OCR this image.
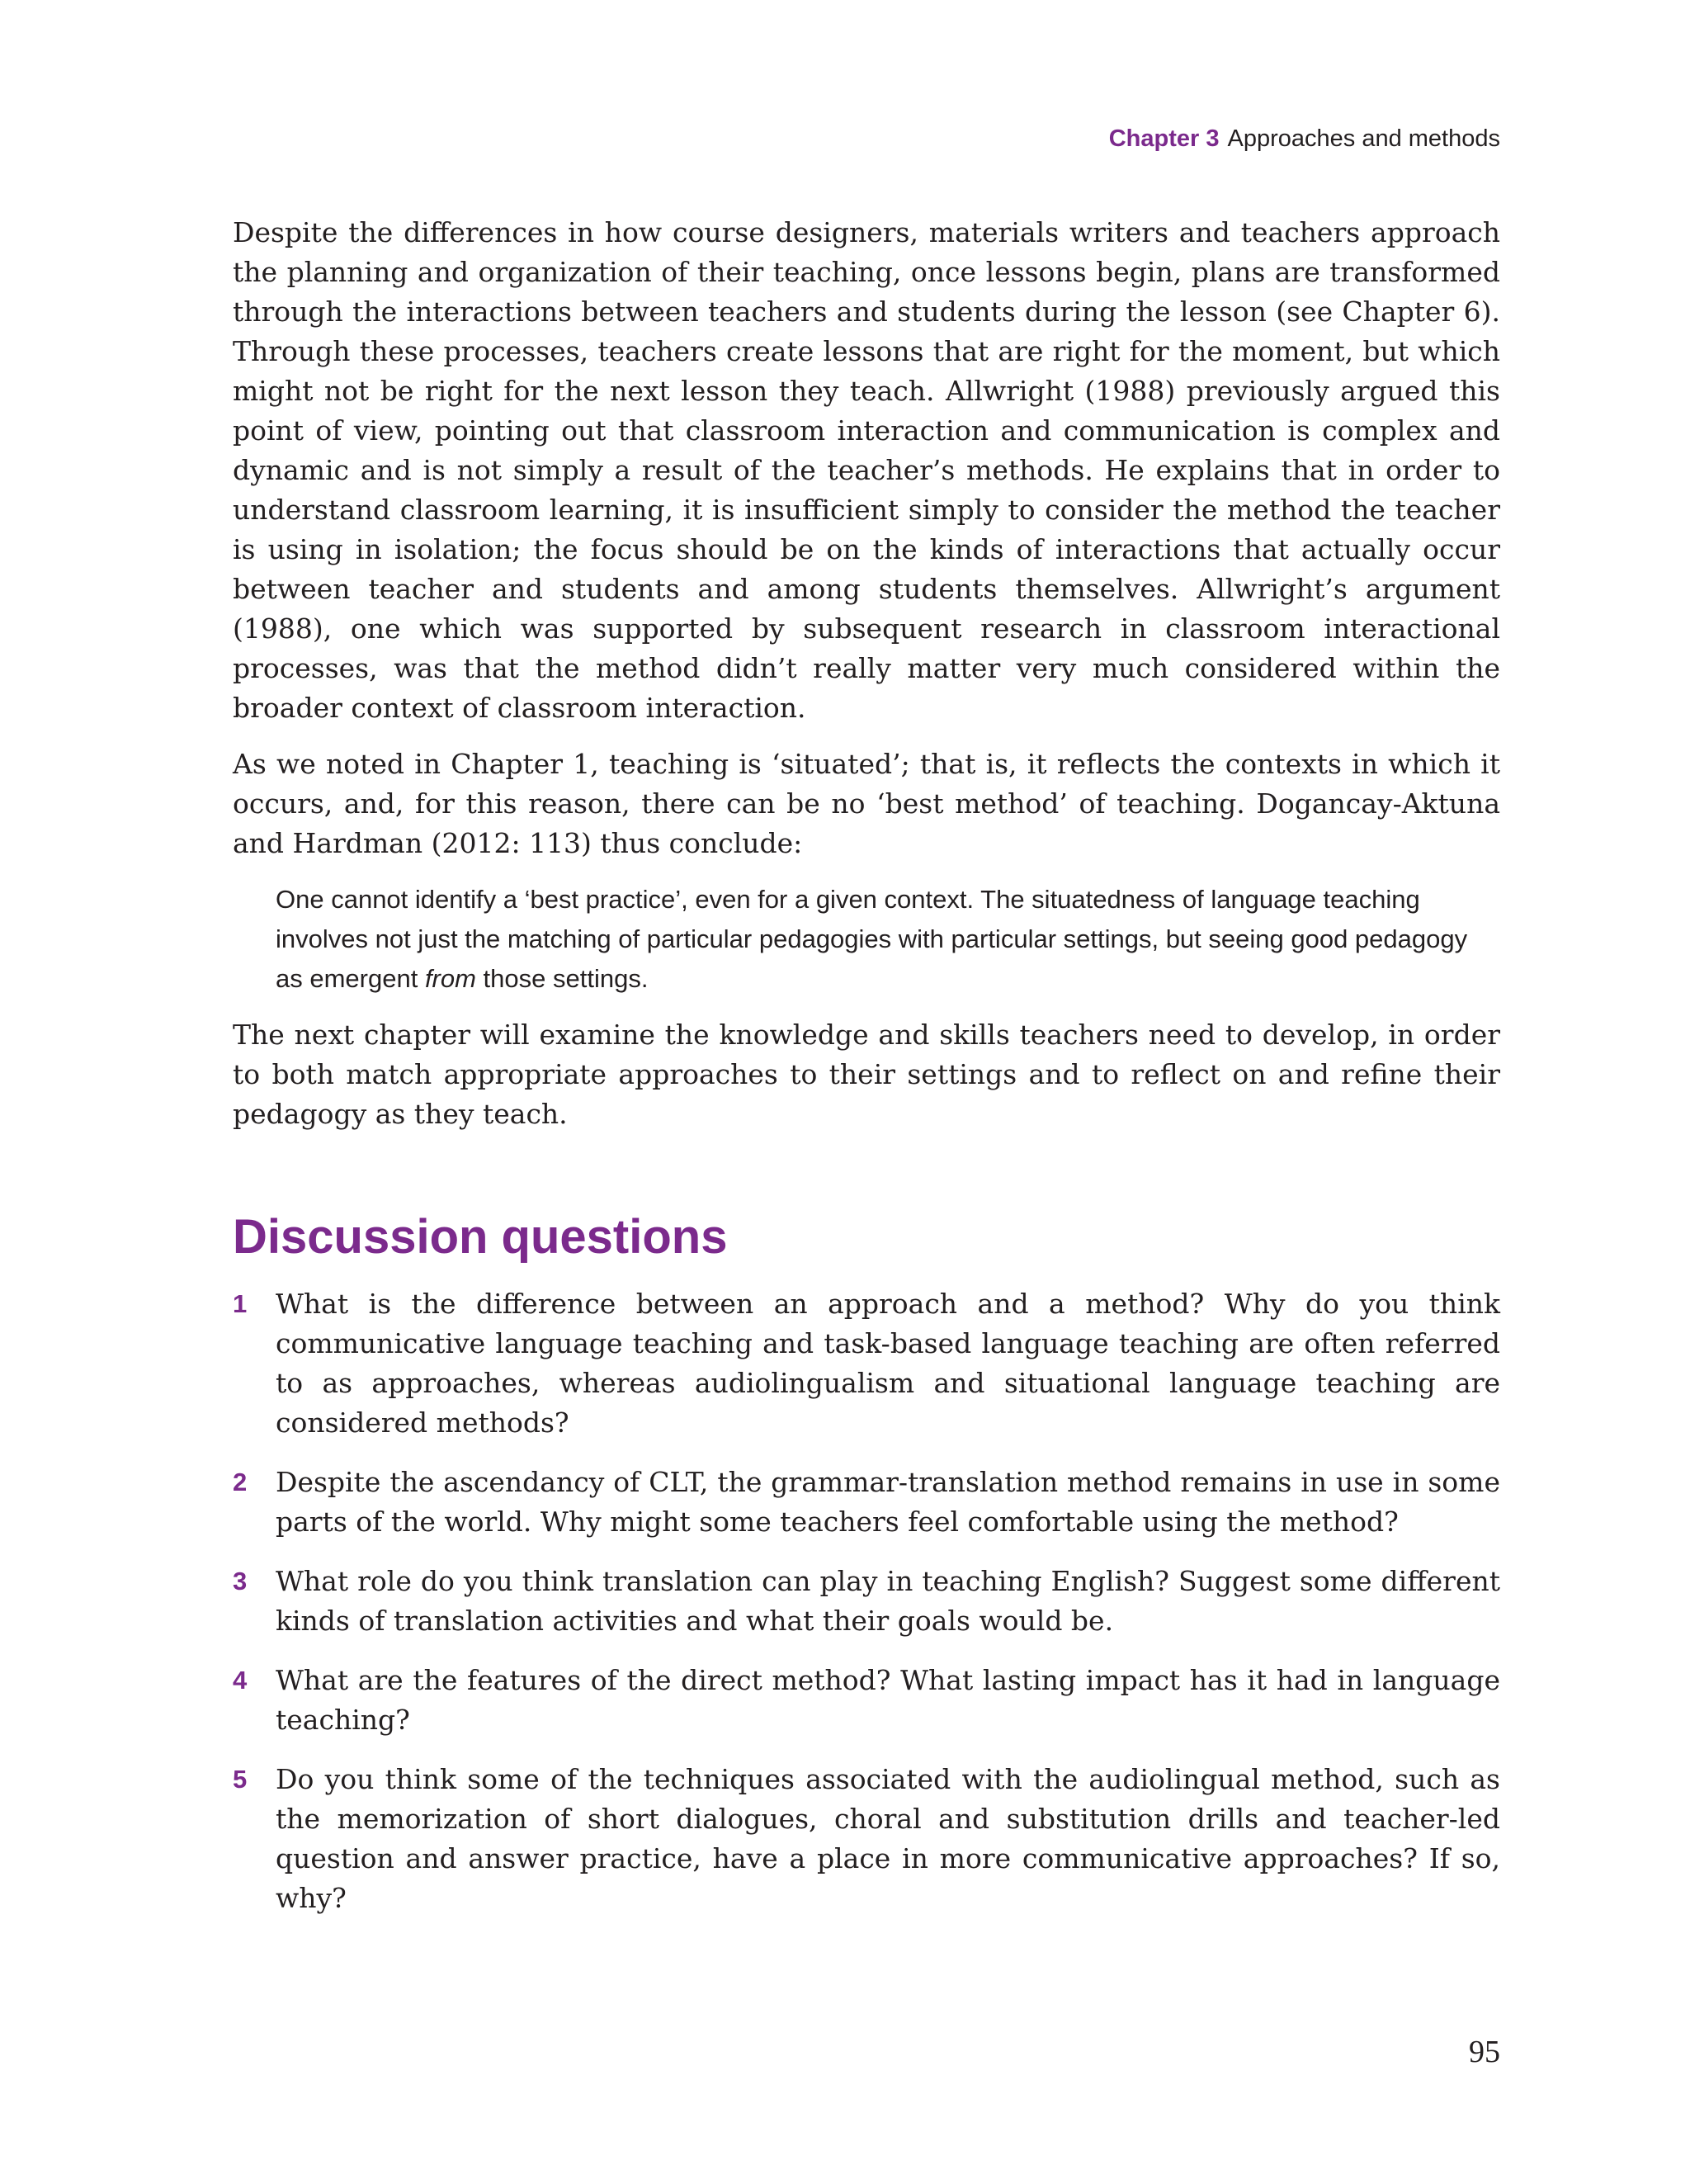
Chapter 3 Approaches and methods

Despite the differences in how course designers, materials writers and teachers approach the planning and organization of their teaching, once lessons begin, plans are transformed through the interactions between teachers and students during the lesson (see Chapter 6). Through these processes, teachers create lessons that are right for the moment, but which might not be right for the next lesson they teach. Allwright (1988) previously argued this point of view, pointing out that classroom interaction and communication is complex and dynamic and is not simply a result of the teacher’s methods. He explains that in order to understand classroom learning, it is insufficient simply to consider the method the teacher is using in isolation; the focus should be on the kinds of interactions that actually occur between teacher and students and among students themselves. Allwright’s argument (1988), one which was supported by subsequent research in classroom interactional processes, was that the method didn’t really matter very much considered within the broader context of classroom interaction.

As we noted in Chapter 1, teaching is ‘situated’; that is, it reflects the contexts in which it occurs, and, for this reason, there can be no ‘best method’ of teaching. Dogancay-Aktuna and Hardman (2012: 113) thus conclude:

One cannot identify a ‘best practice’, even for a given context. The situatedness of language teaching involves not just the matching of particular pedagogies with particular settings, but seeing good pedagogy as emergent from those settings.

The next chapter will examine the knowledge and skills teachers need to develop, in order to both match appropriate approaches to their settings and to reflect on and refine their pedagogy as they teach.

Discussion questions
1 What is the difference between an approach and a method? Why do you think communicative language teaching and task-based language teaching are often referred to as approaches, whereas audiolingualism and situational language teaching are considered methods?
2 Despite the ascendancy of CLT, the grammar-translation method remains in use in some parts of the world. Why might some teachers feel comfortable using the method?
3 What role do you think translation can play in teaching English? Suggest some different kinds of translation activities and what their goals would be.
4 What are the features of the direct method? What lasting impact has it had in language teaching?
5 Do you think some of the techniques associated with the audiolingual method, such as the memorization of short dialogues, choral and substitution drills and teacher-led question and answer practice, have a place in more communicative approaches? If so, why?
95
